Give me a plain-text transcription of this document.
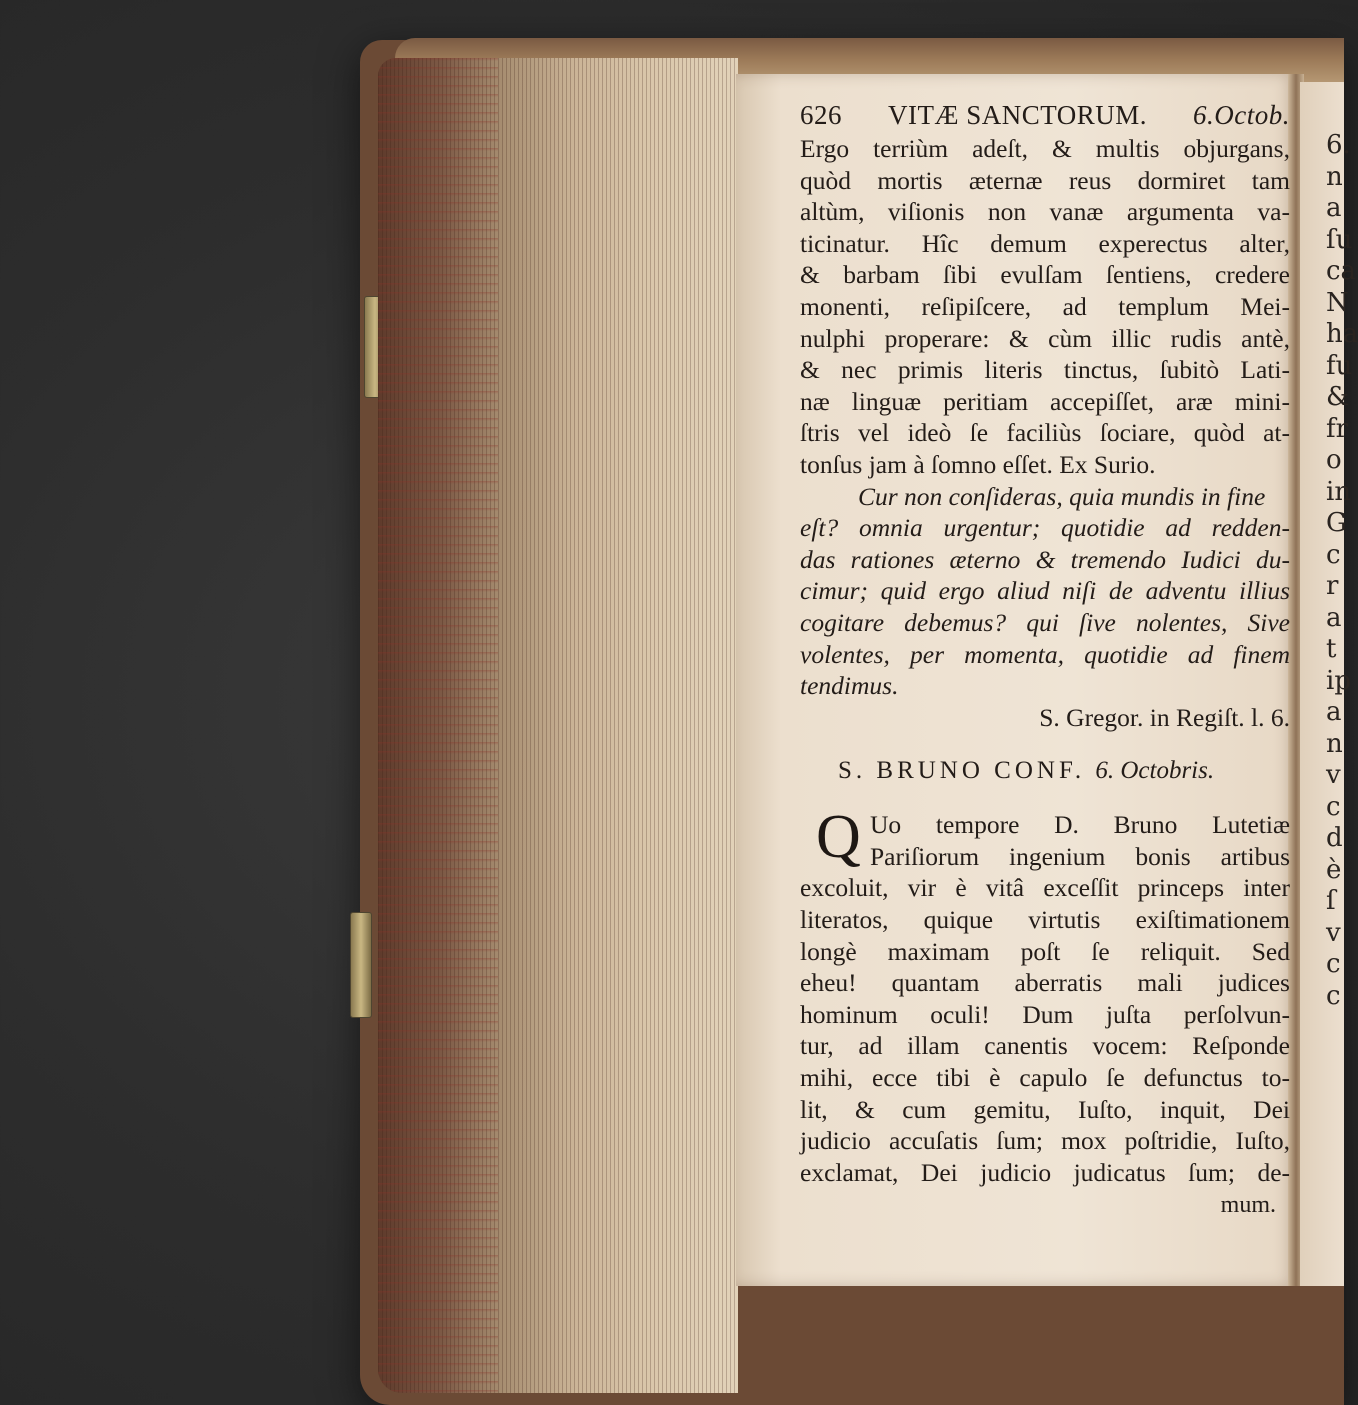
6.
n
a
ſu
ca
N
ha
fu
&
fr
o
in
G
c
r
a
t
ip
a
n
v
c
d
è
ſ
v
c
c
626 VITÆ SANCTORUM. 6.Octob.
Ergo terriùm adeſt, & multis objurgans,
quòd mortis æternæ reus dormiret tam
altùm, viſionis non vanæ argumenta va-
ticinatur. Hîc demum experectus alter,
& barbam ſibi evulſam ſentiens, credere
monenti, reſipiſcere, ad templum Mei-
nulphi properare: & cùm illic rudis antè,
& nec primis literis tinctus, ſubitò Lati-
næ linguæ peritiam accepiſſet, aræ mini-
ſtris vel ideò ſe faciliùs ſociare, quòd at-
tonſus jam à ſomno eſſet. Ex Surio.
Cur non conſideras, quia mundis in fine
eſt? omnia urgentur; quotidie ad redden-
das rationes æterno & tremendo Iudici du-
cimur; quid ergo aliud niſi de adventu illius
cogitare debemus? qui ſive nolentes, Sive
volentes, per momenta, quotidie ad finem
tendimus.
S. Gregor. in Regiſt. l. 6.
S. BRUNO CONF. 6. Octobris.
Q Uo tempore D. Bruno Lutetiæ
Pariſiorum ingenium bonis artibus
excoluit, vir è vitâ exceſſit princeps inter
literatos, quique virtutis exiſtimationem
longè maximam poſt ſe reliquit. Sed
eheu! quantam aberratis mali judices
hominum oculi! Dum juſta perſolvun-
tur, ad illam canentis vocem: Reſponde
mihi, ecce tibi è capulo ſe defunctus to-
lit, & cum gemitu, Iuſto, inquit, Dei
judicio accuſatis ſum; mox poſtridie, Iuſto,
exclamat, Dei judicio judicatus ſum; de-
mum.
